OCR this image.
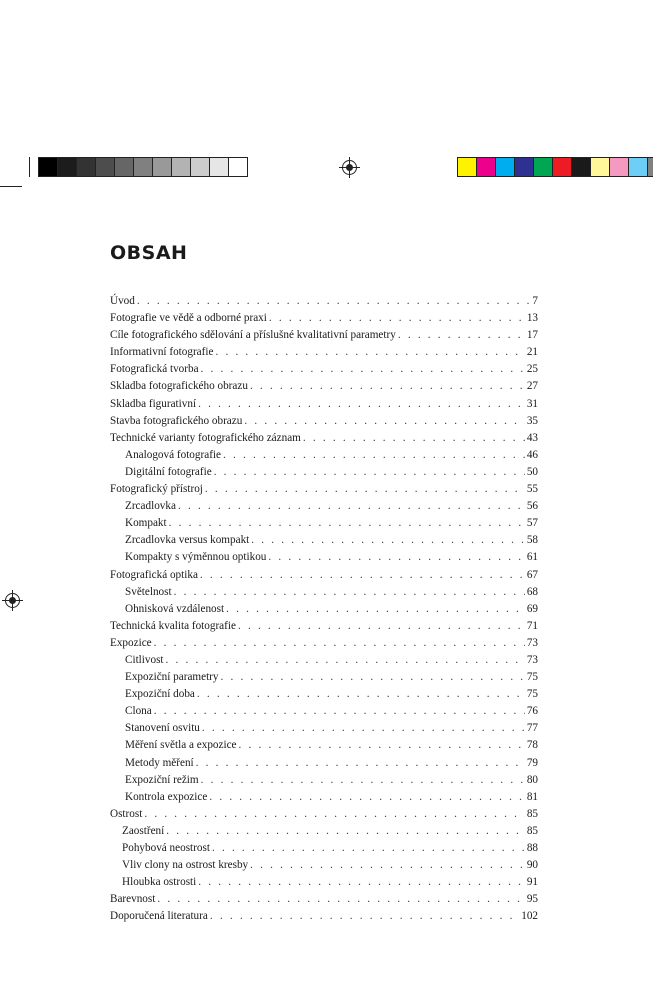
OBSAH
Úvod . . .	7
Fotografie ve vědě a odborné praxi . . .	13
Cíle fotografického sdělování a příslušné kvalitativní parametry . . .	17
Informativní fotografie . . .	21
Fotografická tvorba . . .	25
Skladba fotografického obrazu . . .	27
Skladba figurativní . . .	31
Stavba fotografického obrazu . . .	35
Technické varianty fotografického záznam . . .	43
Analogová fotografie . . .	46
Digitální fotografie . . .	50
Fotografický přístroj . . .	55
Zrcadlovka . . .	56
Kompakt . . .	57
Zrcadlovka versus kompakt . . .	58
Kompakty s výměnnou optikou . . .	61
Fotografická optika . . .	67
Světelnost . . .	68
Ohnisková vzdálenost . . .	69
Technická kvalita fotografie . . .	71
Expozice . . .	73
Citlivost . . .	73
Expoziční parametry . . .	75
Expoziční doba . . .	75
Clona . . .	76
Stanovení osvitu . . .	77
Měření světla a expozice . . .	78
Metody měření . . .	79
Expoziční režim . . .	80
Kontrola expozice . . .	81
Ostrost . . .	85
Zaostření . . .	85
Pohybová neostrost . . .	88
Vliv clony na ostrost kresby . . .	90
Hloubka ostrosti . . .	91
Barevnost . . .	95
Doporučená literatura . . .	102
